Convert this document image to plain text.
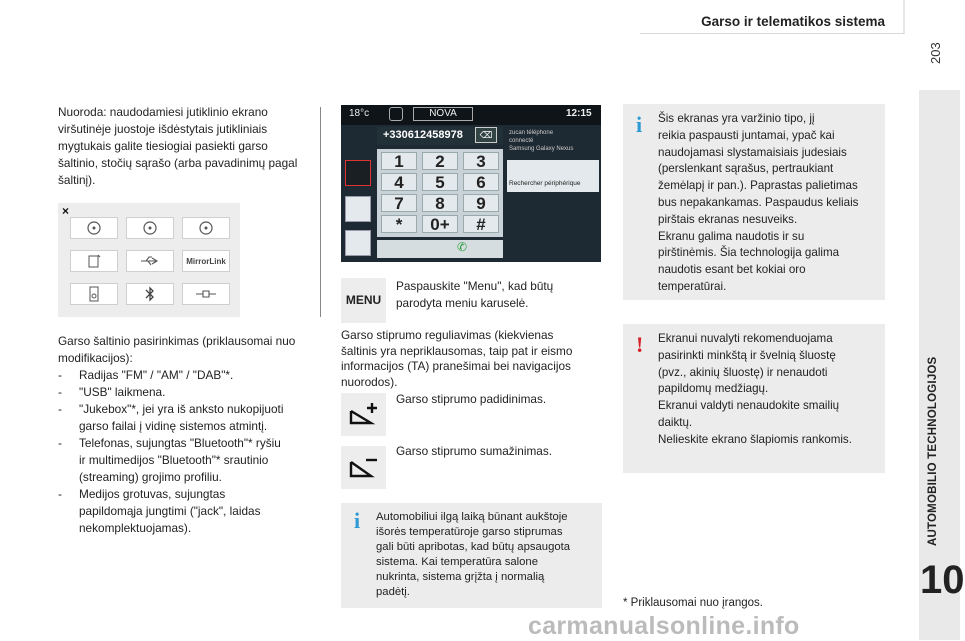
Garso ir telematikos sistema
203
AUTOMOBILIO TECHNOLOGIJOS
10

Nuoroda: naudodamiesi jutiklinio ekrano

viršutinėje juostoje išdėstytais jutikliniais

mygtukais galite tiesiogiai pasiekti garso

šaltinio, stočių sąrašo (arba pavadinimų pagal

šaltinį).

×
MirrorLink

Garso šaltinio pasirinkimas (priklausomai nuo

modifikacijos):

-	Radijas "FM" / "AM" / "DAB"*.

-	"USB" laikmena.

-	"Jukebox"*, jei yra iš anksto nukopijuoti

garso failai į vidinę sistemos atmintį.

-	Telefonas, sujungtas "Bluetooth"* ryšiu

ir multimedijos "Bluetooth"* srautinio

(streaming) grojimo profiliu.

-	Medijos grotuvas, sujungtas

papildomąja jungtimi ("jack", laidas

nekomplektuojamas).

18°c	NOVA	12:15
+330612458978	⌫	zucan téléphone
connecté
Samsung Galaxy Nexus
Rechercher périphérique
1	2	3
4	5	6
7	8	9
*	0+	#
✆
MENU

Paspauskite "Menu", kad būtų

parodyta meniu karuselė.

Garso stiprumo reguliavimas (kiekvienas

šaltinis yra nepriklausomas, taip pat ir eismo

informacijos (TA) pranešimai bei navigacijos

nuorodos).

Garso stiprumo padidinimas.
Garso stiprumo sumažinimas.
i Automobiliui ilgą laiką būnant aukštoje

išorės temperatūroje garso stiprumas

gali būti apribotas, kad būtų apsaugota

sistema. Kai temperatūra salone

nukrinta, sistema grįžta į normalią

padėtį.

i Šis ekranas yra varžinio tipo, jį

reikia paspausti juntamai, ypač kai

naudojamasi slystamaisiais judesiais

(perslenkant sąrašus, pertraukiant

žemėlapį ir pan.). Paprastas palietimas

bus nepakankamas. Paspaudus keliais

pirštais ekranas nesuveiks.

Ekranu galima naudotis ir su

pirštinėmis. Šia technologija galima

naudotis esant bet kokiai oro

temperatūrai.

! Ekranui nuvalyti rekomenduojama

pasirinkti minkštą ir švelnią šluostę

(pvz., akinių šluostę) ir nenaudoti

papildomų medžiagų.

Ekranui valdyti nenaudokite smailių

daiktų.

Nelieskite ekrano šlapiomis rankomis.

* Priklausomai nuo įrangos.
carmanualsonline.info
